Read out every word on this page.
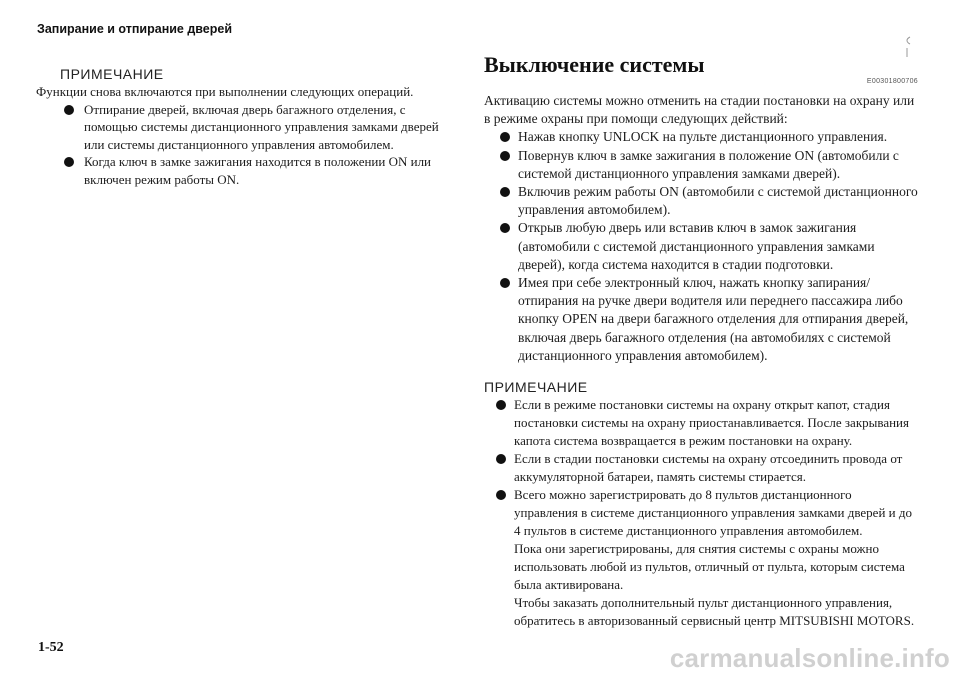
Запирание и отпирание дверей
ПРИМЕЧАНИЕ

Функции снова включаются при выполнении следующих операций.

Отпирание дверей, включая дверь багажного отделения, с помощью системы дистанционного управления замками дверей или системы дистанционного управления автомобилем.
Когда ключ в замке зажигания находится в положении ON или включен режим работы ON.
Выключение системы
E00301800706

Активацию системы можно отменить на стадии постановки на охрану или в режиме охраны при помощи следующих действий:

Нажав кнопку UNLOCK на пульте дистанционного управления.
Повернув ключ в замке зажигания в положение ON (автомобили с системой дистанционного управления замками дверей).
Включив режим работы ON (автомобили с системой дистанционного управления автомобилем).
Открыв любую дверь или вставив ключ в замок зажигания (автомобили с системой дистанционного управления замками дверей), когда система находится в стадии подготовки.
Имея при себе электронный ключ, нажать кнопку запирания/отпирания на ручке двери водителя или переднего пассажира либо кнопку OPEN на двери багажного отделения для отпирания дверей, включая дверь багажного отделения (на автомобилях с системой дистанционного управления автомобилем).
ПРИМЕЧАНИЕ
Если в режиме постановки системы на охрану открыт капот, стадия постановки системы на охрану приостанавливается. После закрывания капота система возвращается в режим постановки на охрану.
Если в стадии постановки системы на охрану отсоединить провода от аккумуляторной батареи, память системы стирается.
Всего можно зарегистрировать до 8 пультов дистанционного управления в системе дистанционного управления замками дверей и до 4 пультов в системе дистанционного управления автомобилем.

Пока они зарегистрированы, для снятия системы с охраны можно использовать любой из пультов, отличный от пульта, которым система была активирована.

Чтобы заказать дополнительный пульт дистанционного управления, обратитесь в авторизованный сервисный центр MITSUBISHI MOTORS.

1-52	carmanualsonline.info
